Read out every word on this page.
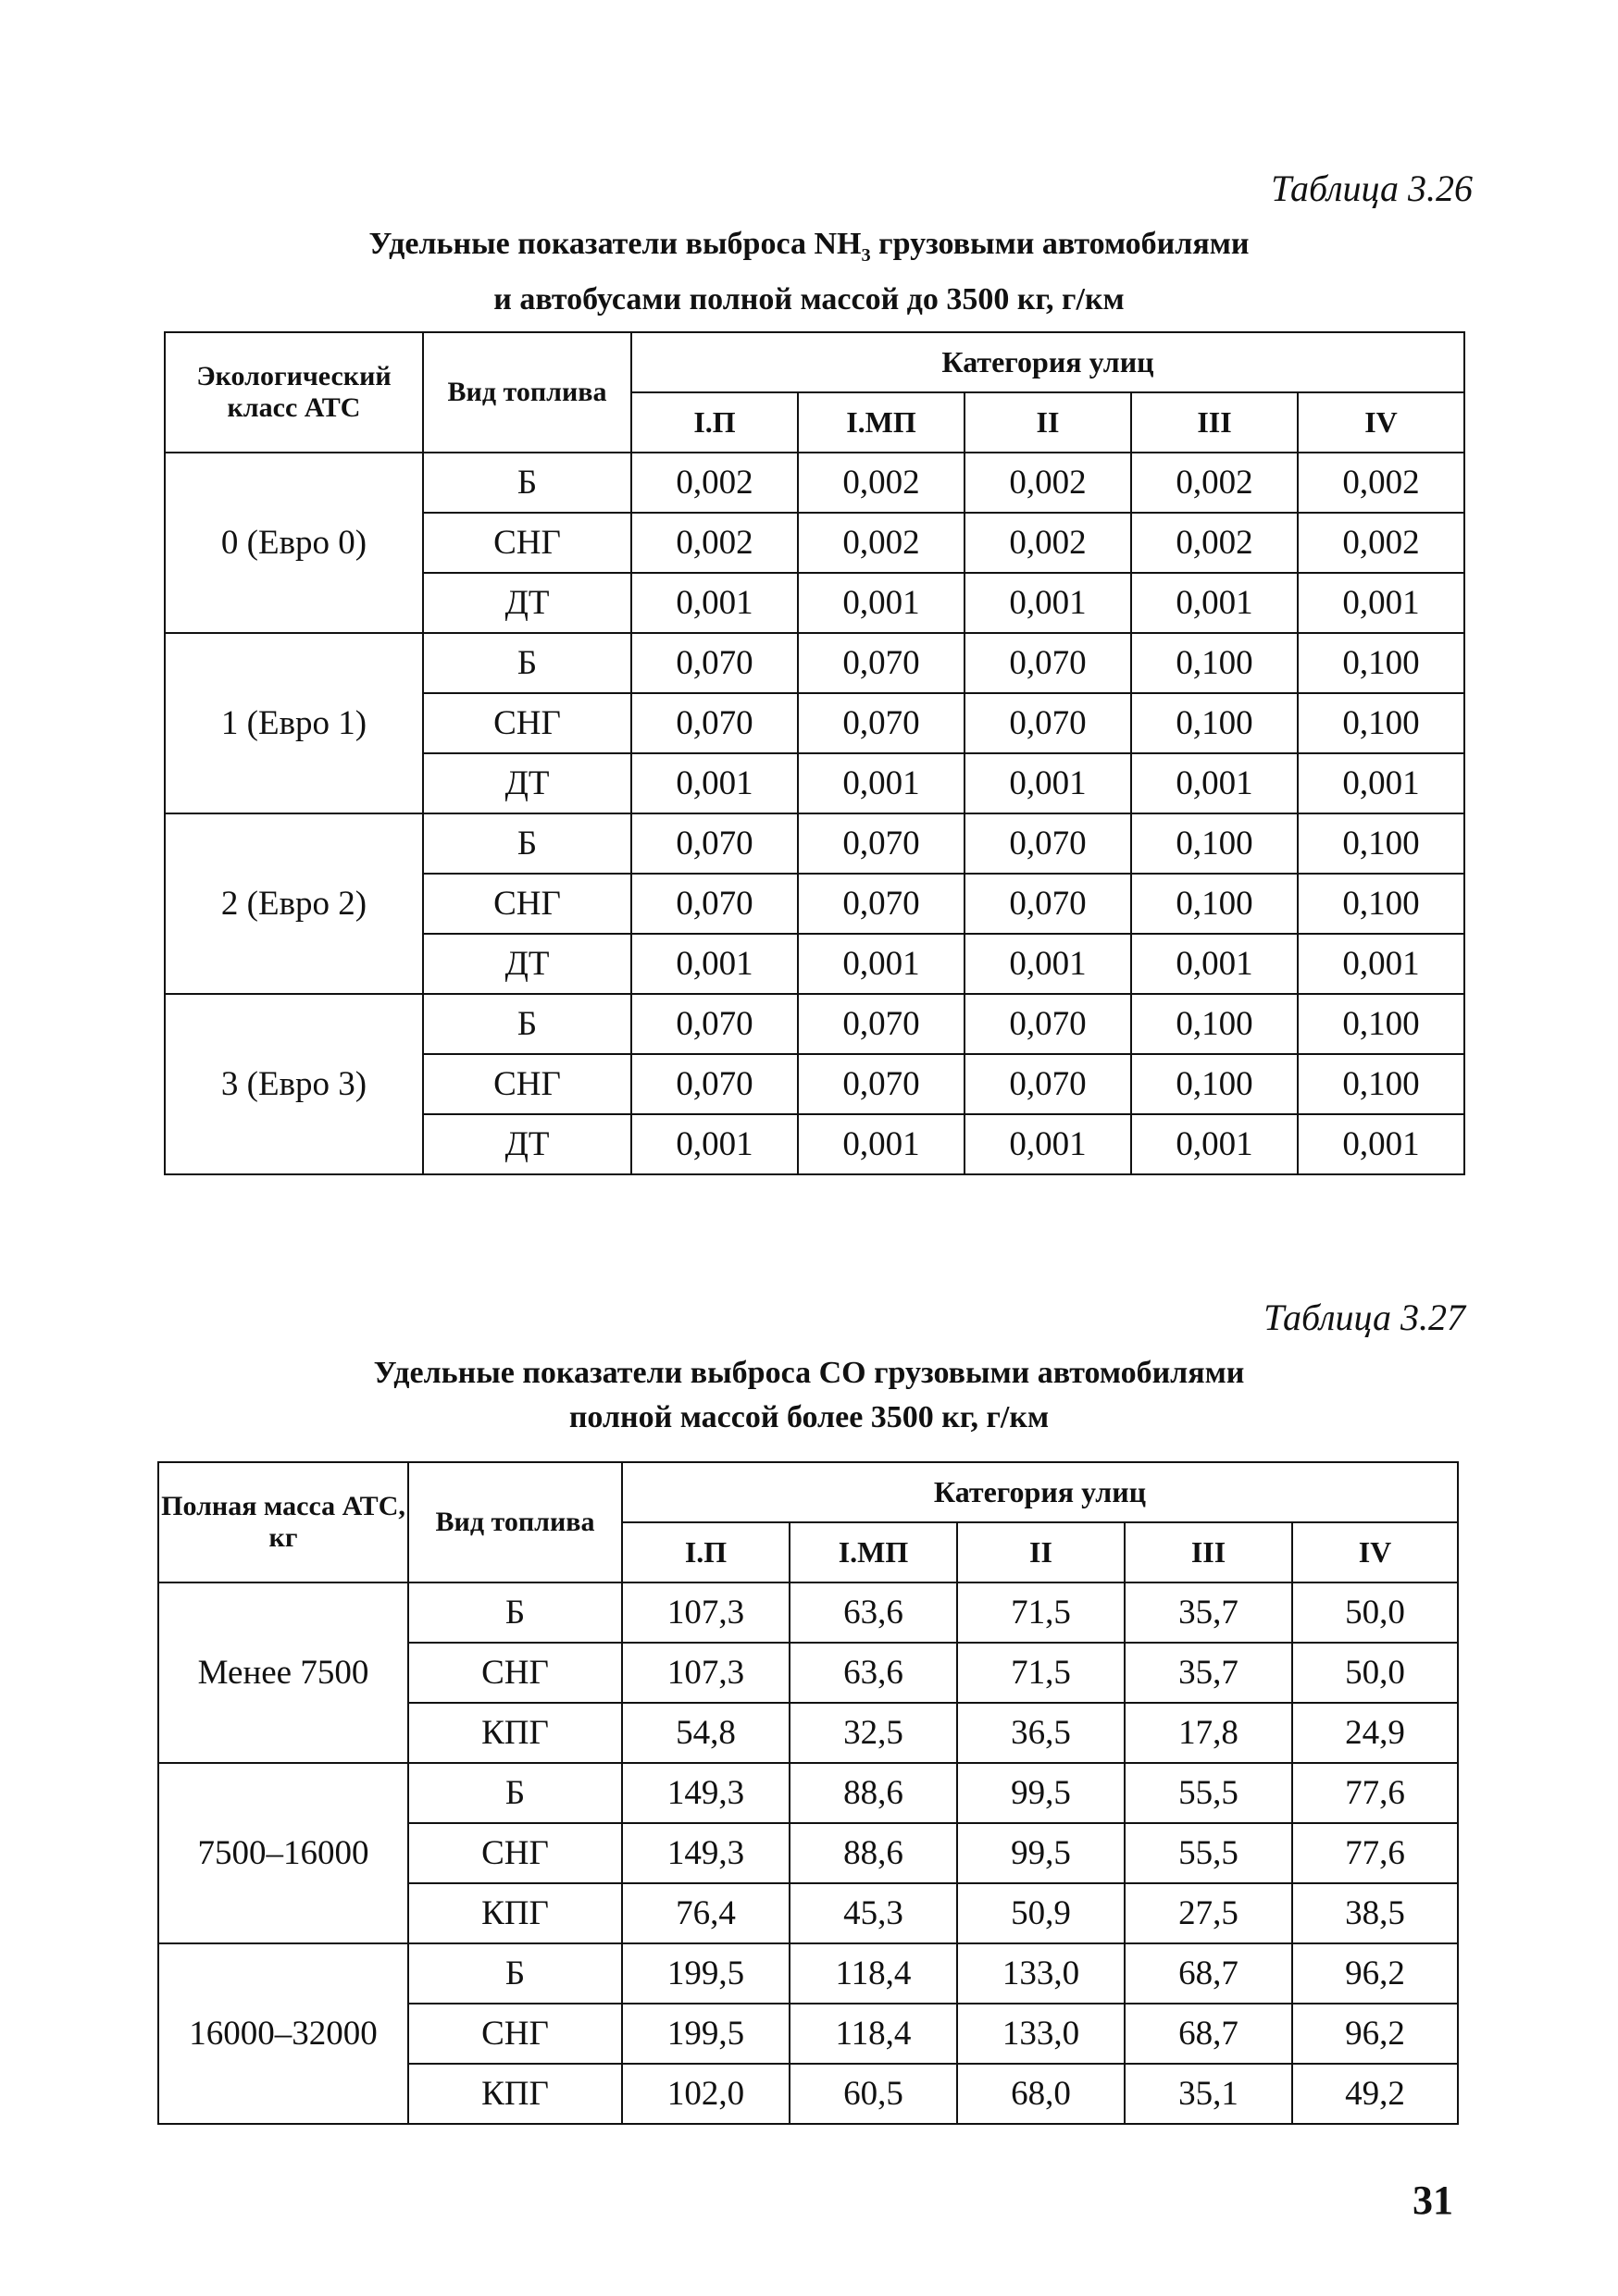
Таблица 3.26
Удельные показатели выброса $NH_3$ грузовыми автомобилями
и автобусами полной массой до 3500 кг, г/км
Экологический класс АТС	Вид топлива	Категория улиц				
		I.П	I.МП	II	III	IV
0 (Евро 0)	Б	0,002	0,002	0,002	0,002	0,002
	СНГ	0,002	0,002	0,002	0,002	0,002
	ДТ	0,001	0,001	0,001	0,001	0,001
1 (Евро 1)	Б	0,070	0,070	0,070	0,100	0,100
	СНГ	0,070	0,070	0,070	0,100	0,100
	ДТ	0,001	0,001	0,001	0,001	0,001
2 (Евро 2)	Б	0,070	0,070	0,070	0,100	0,100
	СНГ	0,070	0,070	0,070	0,100	0,100
	ДТ	0,001	0,001	0,001	0,001	0,001
3 (Евро 3)	Б	0,070	0,070	0,070	0,100	0,100
	СНГ	0,070	0,070	0,070	0,100	0,100
	ДТ	0,001	0,001	0,001	0,001	0,001
Таблица 3.27
Удельные показатели выброса СО грузовыми автомобилями
полной массой более 3500 кг, г/км
Полная масса АТС, кг	Вид топлива	Категория улиц				
		I.П	I.МП	II	III	IV
Менее 7500	Б	107,3	63,6	71,5	35,7	50,0
	СНГ	107,3	63,6	71,5	35,7	50,0
	КПГ	54,8	32,5	36,5	17,8	24,9
7500–16000	Б	149,3	88,6	99,5	55,5	77,6
	СНГ	149,3	88,6	99,5	55,5	77,6
	КПГ	76,4	45,3	50,9	27,5	38,5
16000–32000	Б	199,5	118,4	133,0	68,7	96,2
	СНГ	199,5	118,4	133,0	68,7	96,2
	КПГ	102,0	60,5	68,0	35,1	49,2
31
